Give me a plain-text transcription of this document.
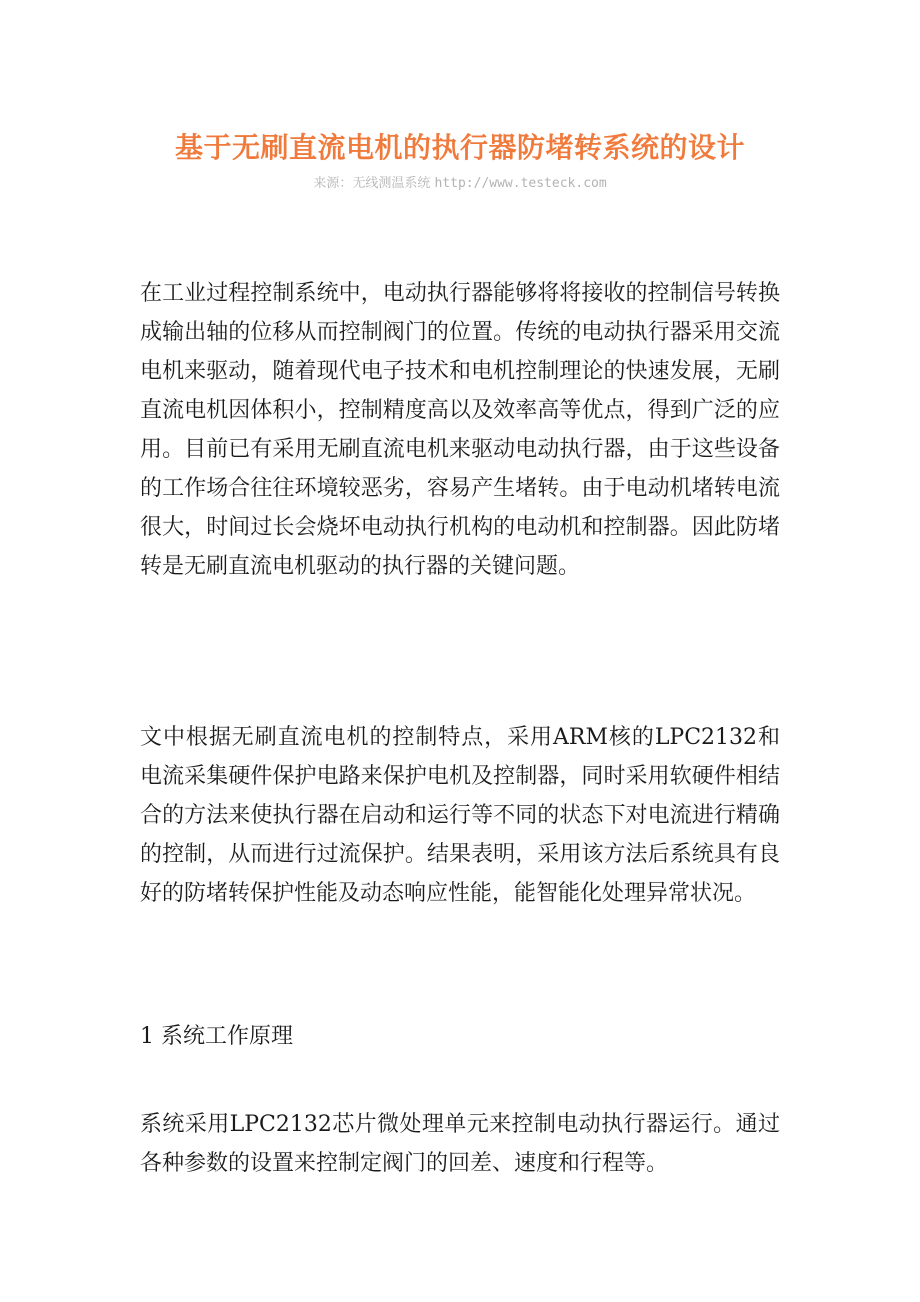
基于无刷直流电机的执行器防堵转系统的设计
来源：无线测温系统 http://www.testeck.com

在工业过程控制系统中，电动执行器能够将将接收的控制信号转换成输出轴的位移从而控制阀门的位置。传统的电动执行器采用交流电机来驱动，随着现代电子技术和电机控制理论的快速发展，无刷直流电机因体积小，控制精度高以及效率高等优点，得到广泛的应用。目前已有采用无刷直流电机来驱动电动执行器，由于这些设备的工作场合往往环境较恶劣，容易产生堵转。由于电动机堵转电流很大，时间过长会烧坏电动执行机构的电动机和控制器。因此防堵转是无刷直流电机驱动的执行器的关键问题。

文中根据无刷直流电机的控制特点，采用ARM核的LPC2132和电流采集硬件保护电路来保护电机及控制器，同时采用软硬件相结合的方法来使执行器在启动和运行等不同的状态下对电流进行精确的控制，从而进行过流保护。结果表明，采用该方法后系统具有良好的防堵转保护性能及动态响应性能，能智能化处理异常状况。

1 系统工作原理

系统采用LPC2132芯片微处理单元来控制电动执行器运行。通过各种参数的设置来控制定阀门的回差、速度和行程等。
